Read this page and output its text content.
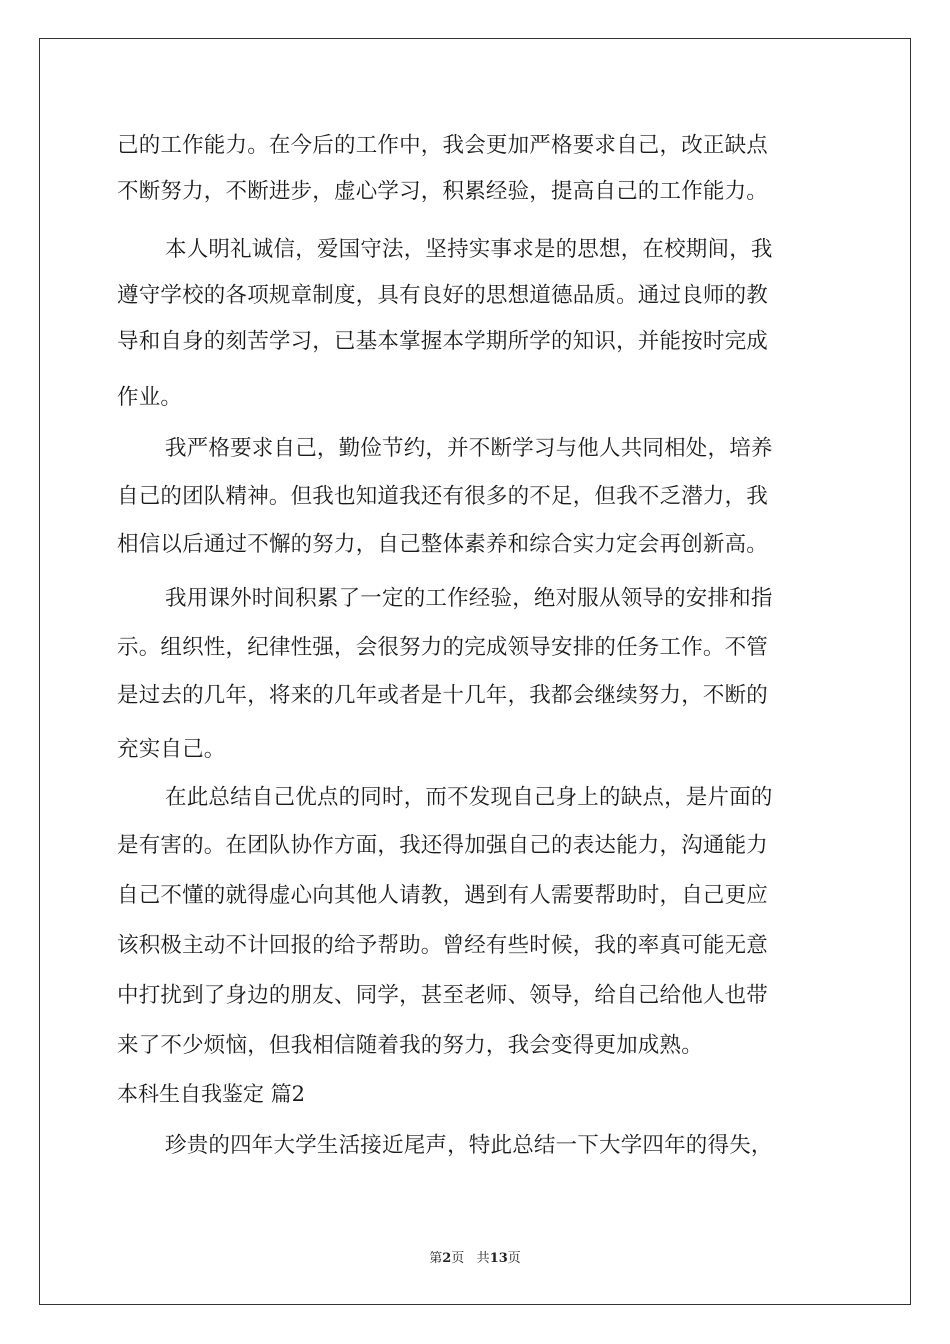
己的工作能力。在今后的工作中，我会更加严格要求自己，改正缺点
不断努力，不断进步，虚心学习，积累经验，提高自己的工作能力。
本人明礼诚信，爱国守法，坚持实事求是的思想，在校期间，我
遵守学校的各项规章制度，具有良好的思想道德品质。通过良师的教
导和自身的刻苦学习，已基本掌握本学期所学的知识，并能按时完成
作业。
我严格要求自己，勤俭节约，并不断学习与他人共同相处，培养
自己的团队精神。但我也知道我还有很多的不足，但我不乏潜力，我
相信以后通过不懈的努力，自己整体素养和综合实力定会再创新高。
我用课外时间积累了一定的工作经验，绝对服从领导的安排和指
示。组织性，纪律性强，会很努力的完成领导安排的任务工作。不管
是过去的几年，将来的几年或者是十几年，我都会继续努力，不断的
充实自己。
在此总结自己优点的同时，而不发现自己身上的缺点，是片面的
是有害的。在团队协作方面，我还得加强自己的表达能力，沟通能力
自己不懂的就得虚心向其他人请教，遇到有人需要帮助时，自己更应
该积极主动不计回报的给予帮助。曾经有些时候，我的率真可能无意
中打扰到了身边的朋友、同学，甚至老师、领导，给自己给他人也带
来了不少烦恼，但我相信随着我的努力，我会变得更加成熟。
本科生自我鉴定 篇2
珍贵的四年大学生活接近尾声，特此总结一下大学四年的得失，
第2页 共13页
